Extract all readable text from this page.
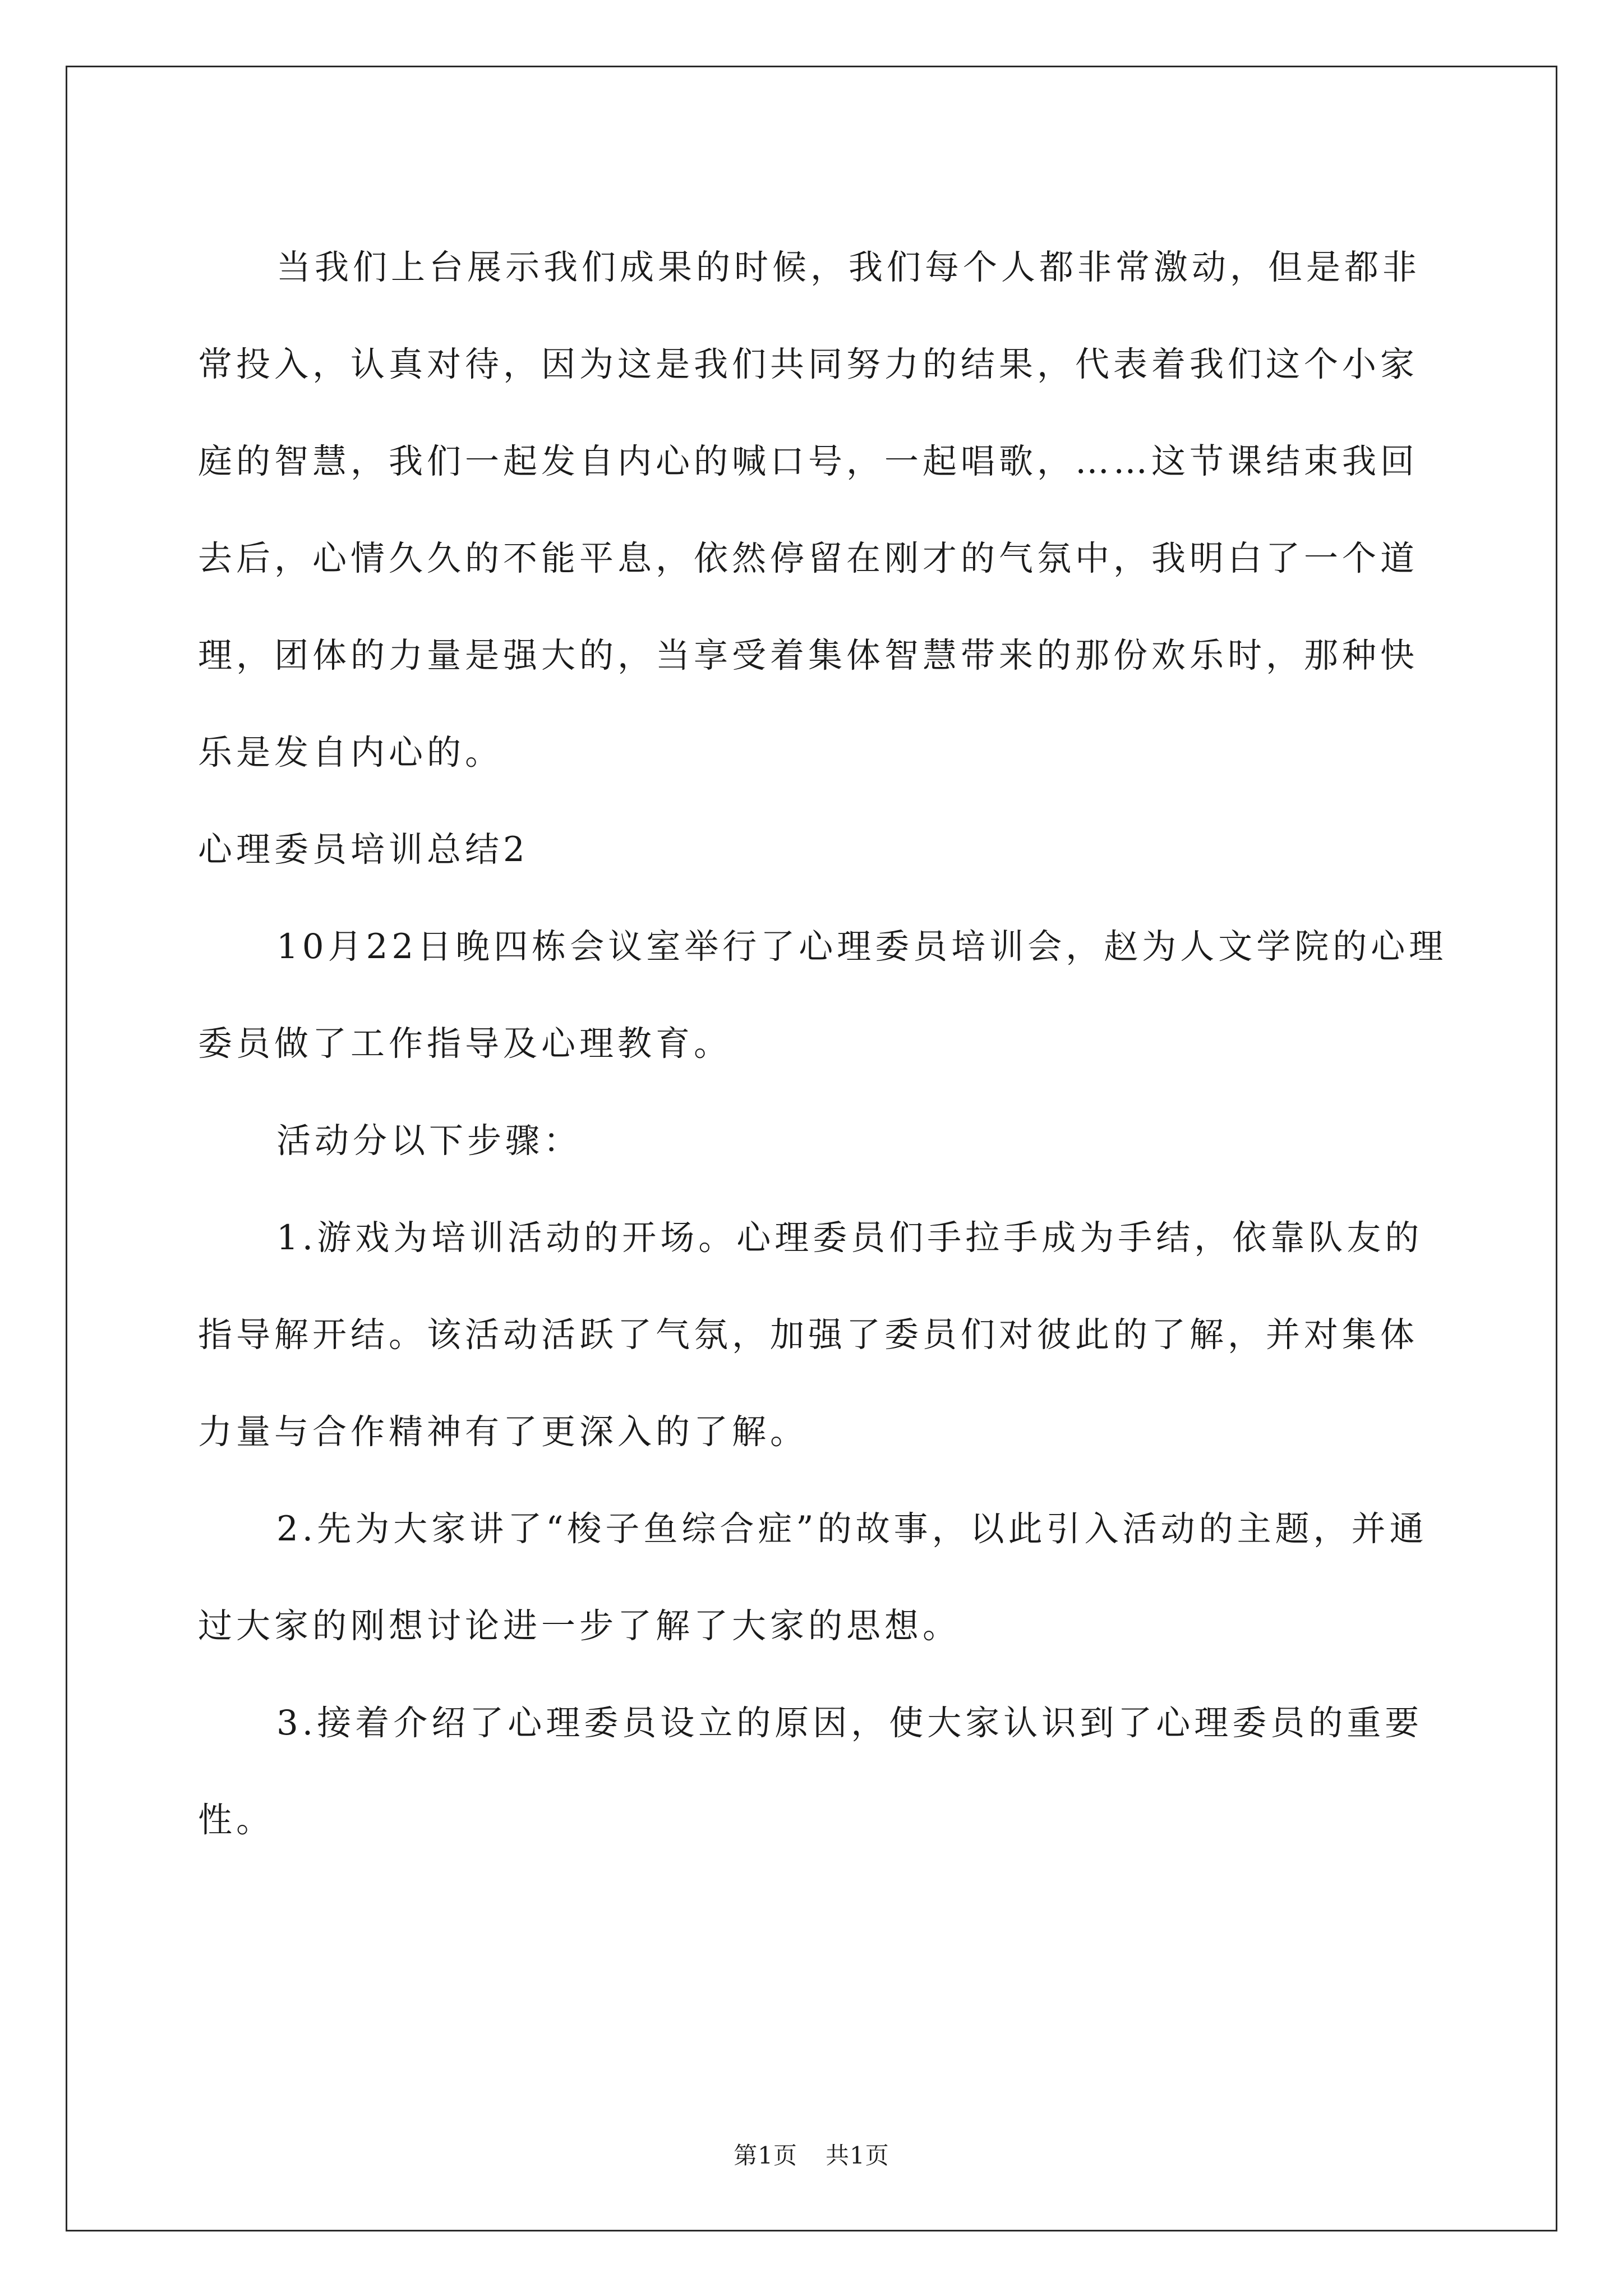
当我们上台展示我们成果的时候，我们每个人都非常激动，但是都非常投入，认真对待，因为这是我们共同努力的结果，代表着我们这个小家庭的智慧，我们一起发自内心的喊口号，一起唱歌，……这节课结束我回去后，心情久久的不能平息，依然停留在刚才的气氛中，我明白了一个道理，团体的力量是强大的，当享受着集体智慧带来的那份欢乐时，那种快乐是发自内心的。

心理委员培训总结2

10月22日晚四栋会议室举行了心理委员培训会，赵为人文学院的心理委员做了工作指导及心理教育。

活动分以下步骤：

1.游戏为培训活动的开场。心理委员们手拉手成为手结，依靠队友的指导解开结。该活动活跃了气氛，加强了委员们对彼此的了解，并对集体力量与合作精神有了更深入的了解。

2.先为大家讲了“梭子鱼综合症”的故事，以此引入活动的主题，并通过大家的刚想讨论进一步了解了大家的思想。

3.接着介绍了心理委员设立的原因，使大家认识到了心理委员的重要性。

第1页 共1页
